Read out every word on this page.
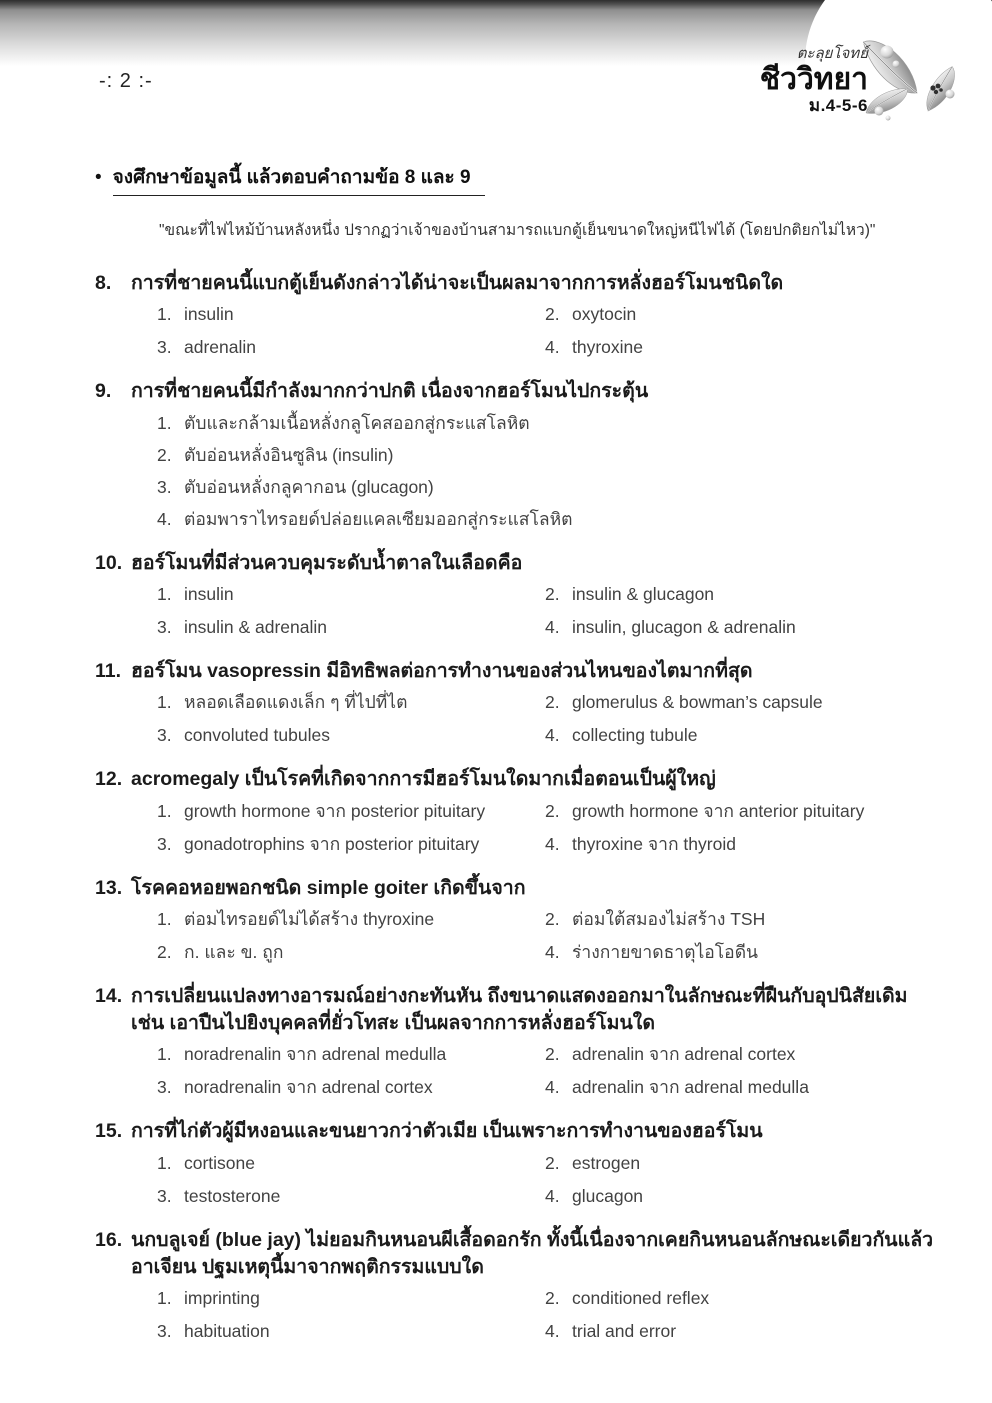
ตะลุยโจทย์
ชีววิทยา
ม.4-5-6
-: 2 :-
• จงศึกษาข้อมูลนี้ แล้วตอบคำถามข้อ 8 และ 9
"ขณะที่ไฟไหม้บ้านหลังหนึ่ง ปรากฏว่าเจ้าของบ้านสามารถแบกตู้เย็นขนาดใหญ่หนีไฟได้ (โดยปกติยกไม่ไหว)"
8.	การที่ชายคนนี้แบกตู้เย็นดังกล่าวได้น่าจะเป็นผลมาจากการหลั่งฮอร์โมนชนิดใด
1. insulin	2. oxytocin
3. adrenalin	4. thyroxine
9.	การที่ชายคนนี้มีกำลังมากกว่าปกติ เนื่องจากฮอร์โมนไปกระตุ้น
1. ตับและกล้ามเนื้อหลั่งกลูโคสออกสู่กระแสโลหิต
2. ตับอ่อนหลั่งอินซูลิน (insulin)
3. ตับอ่อนหลั่งกลูคากอน (glucagon)
4. ต่อมพาราไทรอยด์ปล่อยแคลเซียมออกสู่กระแสโลหิต
10. ฮอร์โมนที่มีส่วนควบคุมระดับน้ำตาลในเลือดคือ
1. insulin	2. insulin & glucagon
3. insulin & adrenalin	4. insulin, glucagon & adrenalin
11. ฮอร์โมน vasopressin มีอิทธิพลต่อการทำงานของส่วนไหนของไตมากที่สุด
1. หลอดเลือดแดงเล็ก ๆ ที่ไปที่ไต	2. glomerulus & bowman’s capsule
3. convoluted tubules	4. collecting tubule
12. acromegaly เป็นโรคที่เกิดจากการมีฮอร์โมนใดมากเมื่อตอนเป็นผู้ใหญ่
1. growth hormone จาก posterior pituitary	2. growth hormone จาก anterior pituitary
3. gonadotrophins จาก posterior pituitary	4. thyroxine จาก thyroid
13. โรคคอหอยพอกชนิด simple goiter เกิดขึ้นจาก
1. ต่อมไทรอยด์ไม่ได้สร้าง thyroxine	2. ต่อมใต้สมองไม่สร้าง TSH
2. ก. และ ข. ถูก	4. ร่างกายขาดธาตุไอโอดีน
14. การเปลี่ยนแปลงทางอารมณ์อย่างกะทันหัน ถึงขนาดแสดงออกมาในลักษณะที่ฝืนกับอุปนิสัยเดิม เช่น เอาปืนไปยิงบุคคลที่ยั่วโทสะ เป็นผลจากการหลั่งฮอร์โมนใด
1. noradrenalin จาก adrenal medulla	2. adrenalin จาก adrenal cortex
3. noradrenalin จาก adrenal cortex	4. adrenalin จาก adrenal medulla
15. การที่ไก่ตัวผู้มีหงอนและขนยาวกว่าตัวเมีย เป็นเพราะการทำงานของฮอร์โมน
1. cortisone	2. estrogen
3. testosterone	4. glucagon
16. นกบลูเจย์ (blue jay) ไม่ยอมกินหนอนผีเสื้อดอกรัก ทั้งนี้เนื่องจากเคยกินหนอนลักษณะเดียวกันแล้ว อาเจียน ปฐมเหตุนี้มาจากพฤติกรรมแบบใด
1. imprinting	2. conditioned reflex
3. habituation	4. trial and error
